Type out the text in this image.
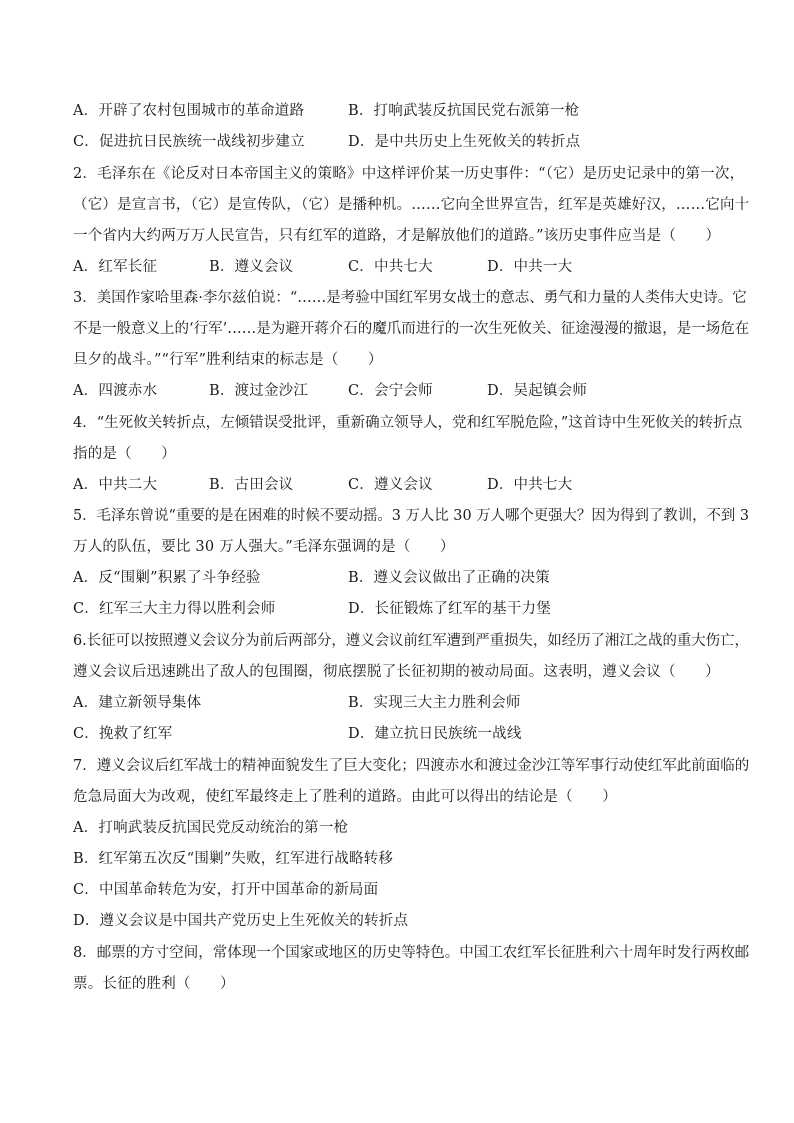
A．开辟了农村包围城市的革命道路	B．打响武装反抗国民党右派第一枪
C．促进抗日民族统一战线初步建立	D．是中共历史上生死攸关的转折点
2．毛泽东在《论反对日本帝国主义的策略》中这样评价某一历史事件：“（它）是历史记录中的第一次，
（它）是宣言书，（它）是宣传队，（它）是播种机。……它向全世界宣告，红军是英雄好汉，……它向十
一个省内大约两万万人民宣告，只有红军的道路，才是解放他们的道路。”该历史事件应当是（　　）
A．红军长征	B．遵义会议	C．中共七大	D．中共一大
3．美国作家哈里森·李尔兹伯说：“……是考验中国红军男女战士的意志、勇气和力量的人类伟大史诗。它
不是一般意义上的‘行军’……是为避开蒋介石的魔爪而进行的一次生死攸关、征途漫漫的撤退，是一场危在
旦夕的战斗。”“行军”胜利结束的标志是（　　）
A．四渡赤水	B．渡过金沙江	C．会宁会师	D．吴起镇会师
4．“生死攸关转折点，左倾错误受批评，重新确立领导人，党和红军脱危险，”这首诗中生死攸关的转折点
指的是（　　）
A．中共二大	B．古田会议	C．遵义会议	D．中共七大
5．毛泽东曾说“重要的是在困难的时候不要动摇。3 万人比 30 万人哪个更强大？因为得到了教训，不到 3
万人的队伍，要比 30 万人强大。”毛泽东强调的是（　　）
A．反“围剿”积累了斗争经验	B．遵义会议做出了正确的决策
C．红军三大主力得以胜利会师	D．长征锻炼了红军的基干力堡
6.长征可以按照遵义会议分为前后两部分，遵义会议前红军遭到严重损失，如经历了湘江之战的重大伤亡，
遵义会议后迅速跳出了敌人的包围圈，彻底摆脱了长征初期的被动局面。这表明，遵义会议（　　）
A．建立新领导集体	B．实现三大主力胜利会师
C．挽救了红军	D．建立抗日民族统一战线
7．遵义会议后红军战士的精神面貌发生了巨大变化；四渡赤水和渡过金沙江等军事行动使红军此前面临的
危急局面大为改观，使红军最终走上了胜利的道路。由此可以得出的结论是（　　）
A．打响武装反抗国民党反动统治的第一枪
B．红军第五次反“围剿”失败，红军进行战略转移
C．中国革命转危为安，打开中国革命的新局面
D．遵义会议是中国共产党历史上生死攸关的转折点
8．邮票的方寸空间，常体现一个国家或地区的历史等特色。中国工农红军长征胜利六十周年时发行两枚邮
票。长征的胜利（　　）
